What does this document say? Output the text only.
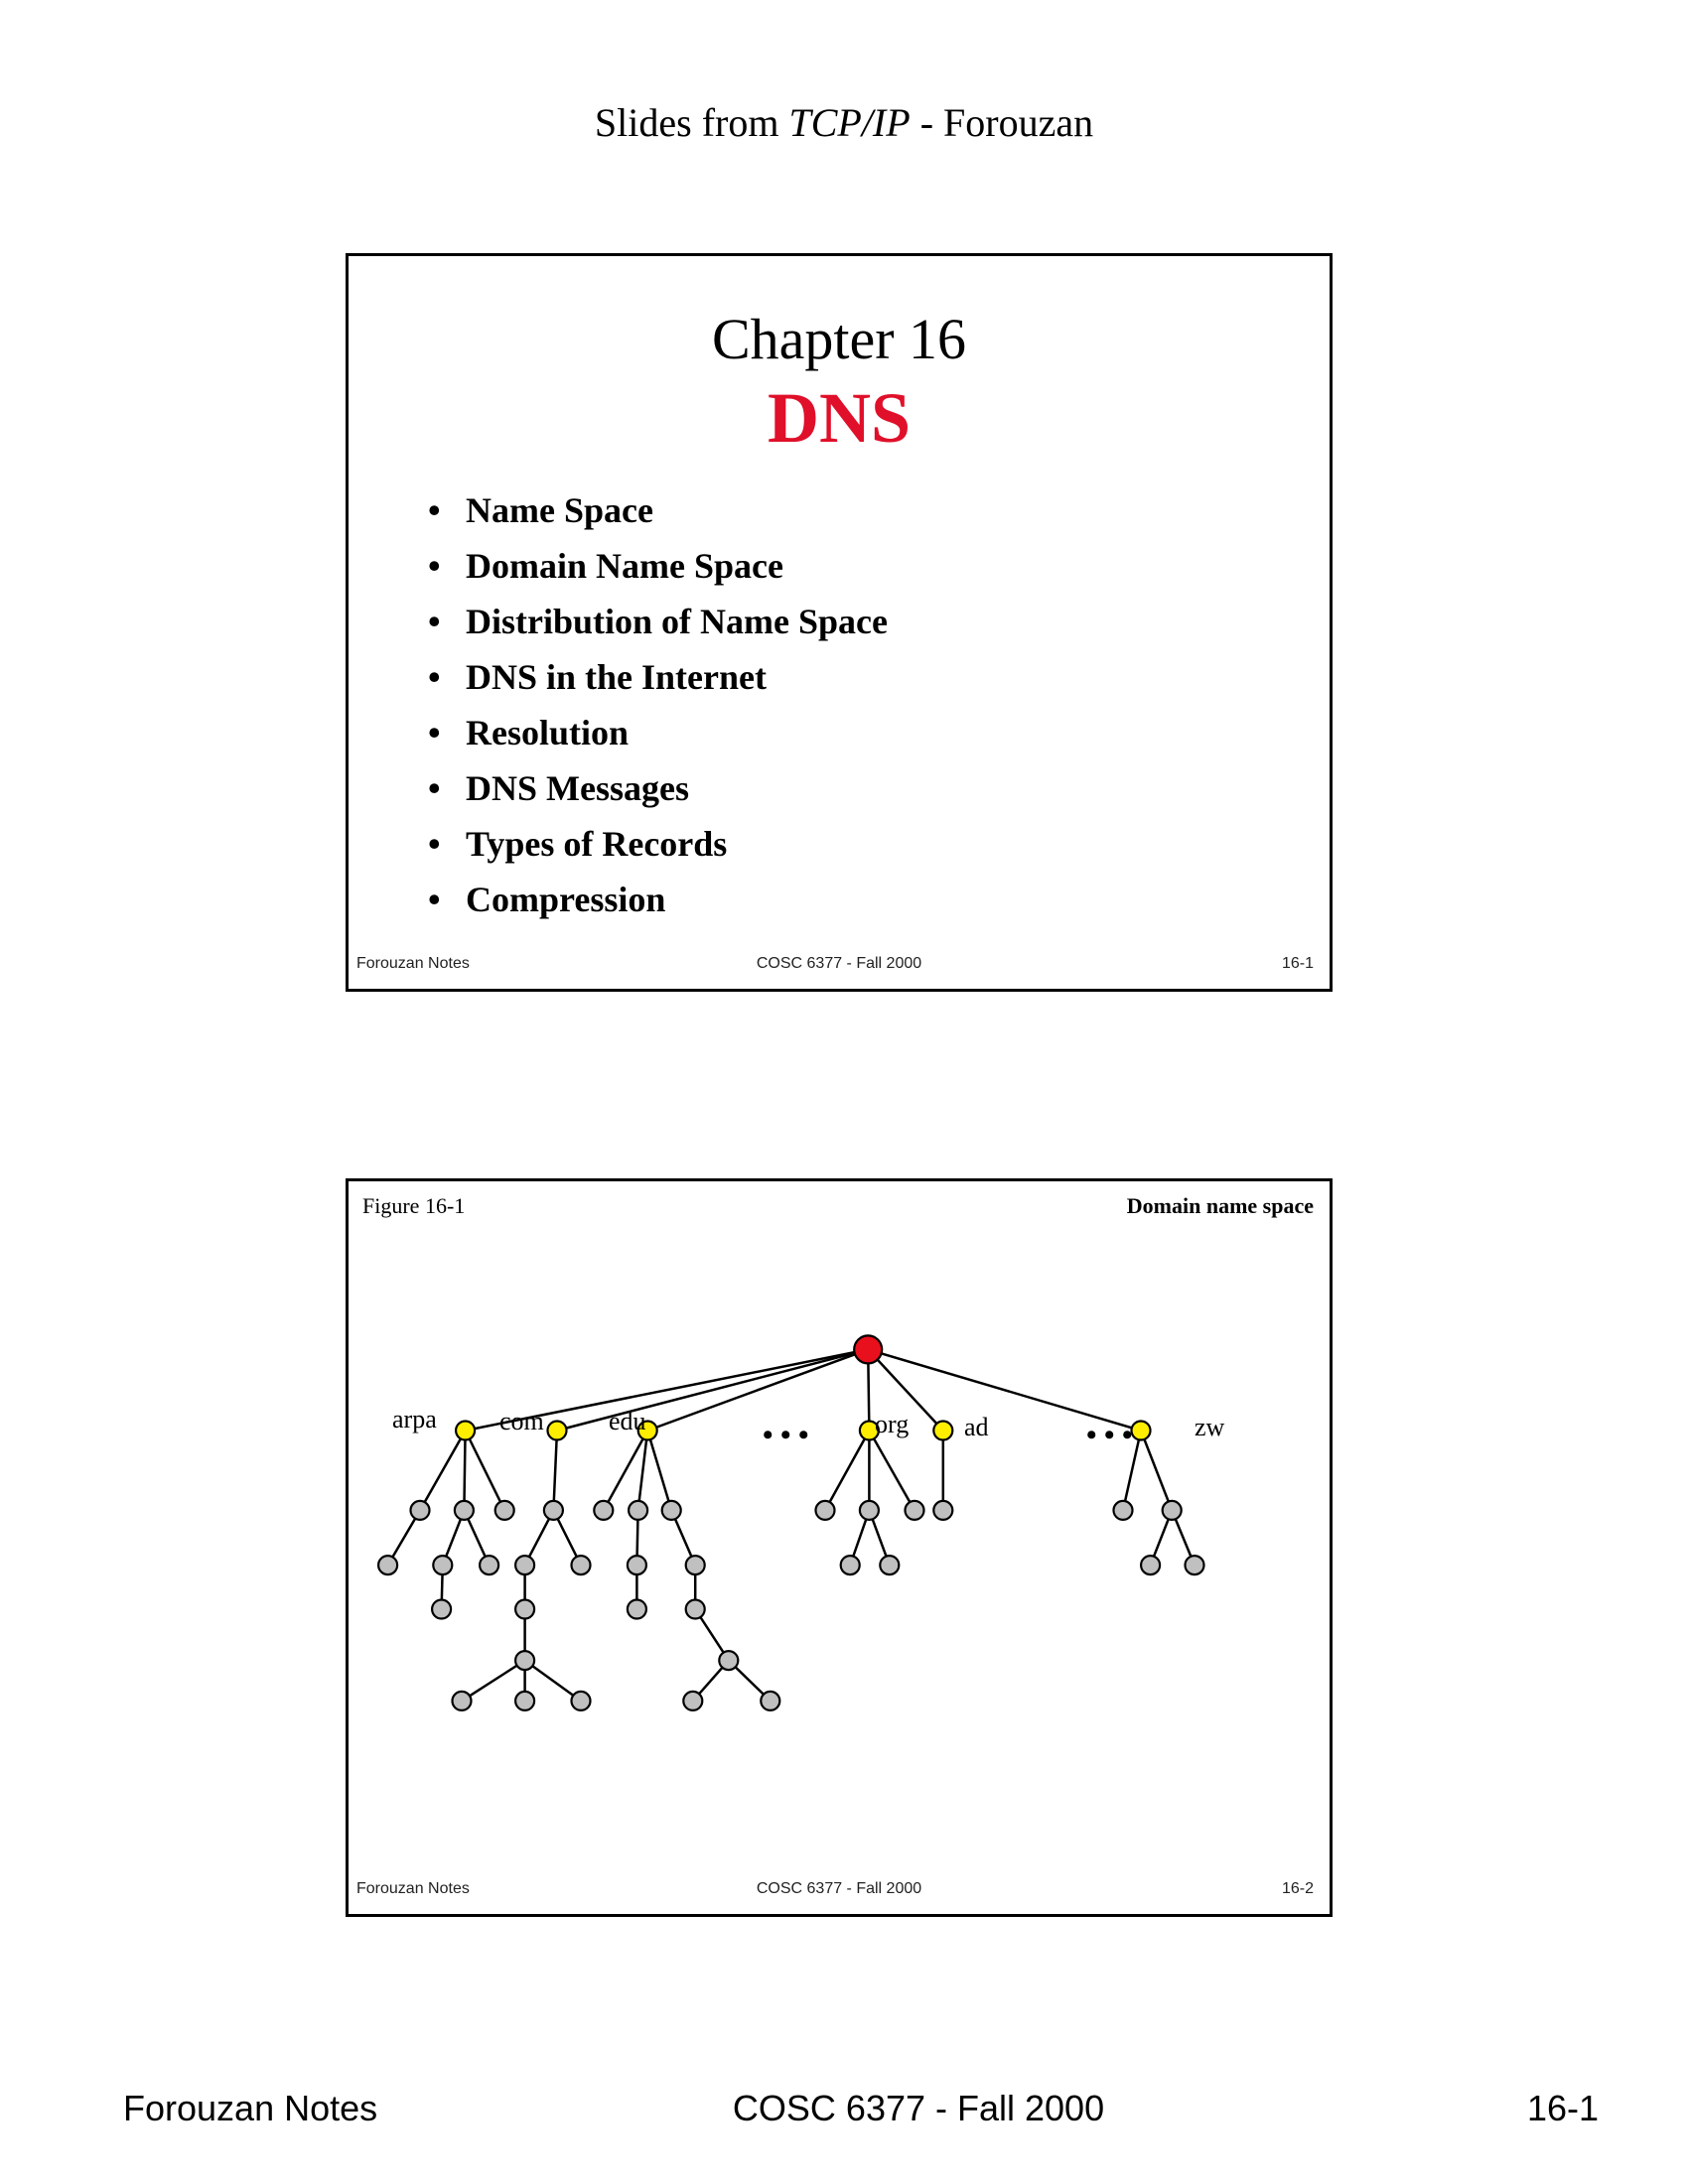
Slides from TCP/IP - Forouzan
Chapter 16
DNS
• Name Space
• Domain Name Space
• Distribution of Name Space
• DNS in the Internet
• Resolution
• DNS Messages
• Types of Records
• Compression
Forouzan Notes	COSC 6377 - Fall 2000	16-1
Figure 16-1	Domain name space
arpa com	edu	org ad	zw
• • •	• • •
Forouzan Notes	COSC 6377 - Fall 2000	16-2
Forouzan Notes	COSC 6377 - Fall 2000	16-1
